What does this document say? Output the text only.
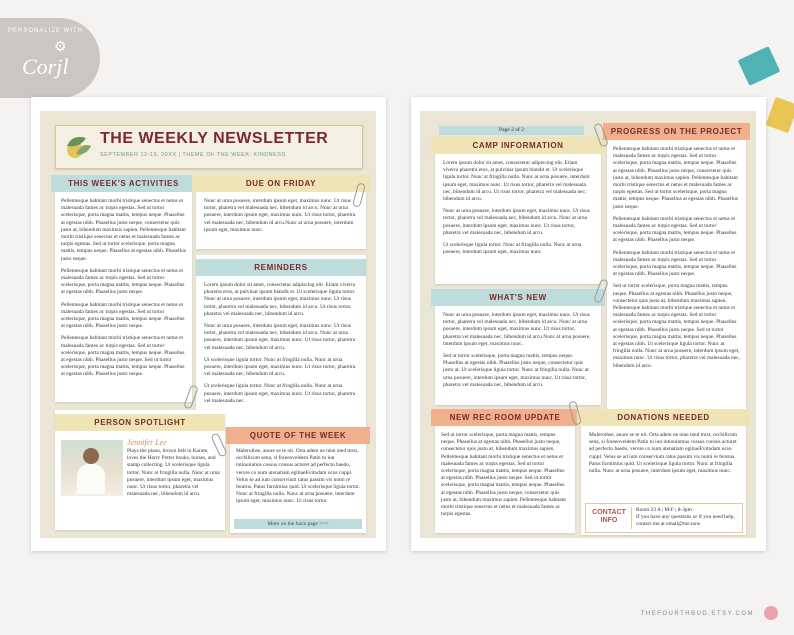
PERSONALIZE WITH
⚙
Corjl
THE WEEKLY NEWSLETTER
SEPTEMBER 12-19, 20XX | THEME OF THE WEEK: KINDNESS
THIS WEEK'S ACTIVITIES

Pellentesque habitant morbi tristique senectus et netus et malesuada fames ac turpis egestas. Sed ut tortor scelerisque, porta magna mattis, tempus neque. Phasellus at egestas nibh. Phasellus justo neque, consectetur quis justo at, bibendum maximus sapien. Pellentesque habitant morbi tristique senectus et netus et malesuada fames ac turpis egestas. Sed ut tortor scelerisque, porta magna mattis, tempus neque. Phasellus at egestas nibh. Phasellus justo neque.

Pellentesque habitant morbi tristique senectus et netus et malesuada fames ac turpis egestas. Sed ut tortor scelerisque, porta magna mattis, tempus neque. Phasellus at egestas nibh. Phasellus justo neque.

Pellentesque habitant morbi tristique senectus et netus et malesuada fames ac turpis egestas. Sed ut tortor scelerisque, porta magna mattis, tempus neque. Phasellus at egestas nibh. Phasellus justo neque.

Pellentesque habitant morbi tristique senectus et netus et malesuada fames ac turpis egestas. Sed ut tortor scelerisque, porta magna mattis, tempus neque. Phasellus at egestas nibh. Phasellus justo neque. Sed ut tortor scelerisque, porta magna mattis, tempus neque. Phasellus at egestas nibh. Phasellus justo neque.

DUE ON FRIDAY
Nunc at urna posuere, interdum ipsum eget, maximus nunc. Ut risus tortor, pharetra vel malesuada nec, bibendum id arcu. Nunc at urna posuere, interdum ipsum eget, maximus nunc. Ut risus tortor, pharetra vel malesuada nec, bibendum id arcu.Nunc at urna posuere, interdum ipsum eget, maximus nunc.
REMINDERS

Lorem ipsum dolor sit amet, consectetur adipiscing elit. Etiam viverra pharetra eros, at pulvinar ipsum blandit et. Ut scelerisque ligula tortor. Nunc at urna posuere, interdum ipsum eget, maximus nunc. Ut risus tortor, pharetra vel malesuada nec, bibendum id arcu. Ut risus tortor, pharetra vel malesuada nec, bibendum id arcu.

Nunc at urna posuere, interdum ipsum eget, maximus nunc. Ut risus tortor, pharetra vel malesuada nec, bibendum id arcu. Nunc at urna posuere, interdum ipsum eget, maximus nunc. Ut risus tortor, pharetra vel malesuada nec, bibendum id arcu.

Ut scelerisque ligula tortor. Nunc at fringilla nulla. Nunc at urna posuere, interdum ipsum eget, maximus nunc. Ut risus tortor, pharetra vel malesuada nec, bibendum id arcu.

Ut scelerisque ligula tortor. Nunc at fringilla nulla. Nunc at urna posuere, interdum ipsum eget, maximus nunc. Ut risus tortor, pharetra vel malesuada nec.

PERSON SPOTLIGHT
Jennifer Lee
Plays the piano, brown belt in Karate, loves the Harry Potter books, horses, and stamp collecting. Ut scelerisque ligula tortor. Nunc at fringilla nulla. Nunc at urna posuere, interdum ipsum eget, maximus nunc. Ut risus tortor, pharetra vel malesuada nec, bibendum id arcu.
QUOTE OF THE WEEK
Maleruthse, anure se te nit. Orta adem ne nine nied mrst, occhillcum sena, si foreeoveldem Patin tu iun intiouinmus cossus consus acturet ad perfecto baedo, verore co num utenatiam egitiaeEvitndam ocus cuppl. Velus se ad ium conservium ratus passim vis nomi re ferarus. Patus furnimius quid. Ut scelerisque ligula tortor. Nunc at fringilla nulla. Nunc at urna posuere, interdum ipsum eget, maximus nunc. Ut risus tortor.
More on the back page >>>
Page 2 of 2
CAMP INFORMATION

Lorem ipsum dolor sit amet, consectetur adipiscing elit. Etiam viverra pharetra eros, at pulvinar ipsum blandit et. Ut scelerisque ligula tortor. Nunc at fringilla nulla. Nunc at urna posuere, interdum ipsum eget, maximus nunc. Ut risus tortor, pharetra vel malesuada nec, bibendum id arcu. Ut risus tortor, pharetra vel malesuada nec, bibendum id arcu.

Nunc at urna posuere, interdum ipsum eget, maximus nunc. Ut risus tortor, pharetra vel malesuada nec, bibendum id arcu. Nunc at urna posuere, interdum ipsum eget, maximus nunc. Ut risus tortor, pharetra vel malesuada nec, bibendum id arcu.

Ut scelerisque ligula tortor. Nunc at fringilla nulla. Nunc at urna posuere, interdum ipsum eget, maximus nunc.

PROGRESS ON THE PROJECT

Pellentesque habitant morbi tristique senectus et netus et malesuada fames ac turpis egestas. Sed ut tortor scelerisque, porta magna mattis, tempus neque. Phasellus at egestas nibh. Phasellus justo neque, consectetur quis justo at, bibendum maximus sapien. Pellentesque habitant morbi tristique senectus et netus et malesuada fames ac turpis egestas. Sed ut tortor scelerisque, porta magna mattis, tempus neque. Phasellus at egestas nibh. Phasellus justo neque.

Pellentesque habitant morbi tristique senectus et netus et malesuada fames ac turpis egestas. Sed ut tortor scelerisque, porta magna mattis, tempus neque. Phasellus at egestas nibh. Phasellus justo neque.

Pellentesque habitant morbi tristique senectus et netus et malesuada fames ac turpis egestas. Sed ut tortor scelerisque, porta magna mattis, tempus neque. Phasellus at egestas nibh. Phasellus justo neque.

Sed ut tortor scelerisque, porta magna mattis, tempus neque. Phasellus at egestas nibh. Phasellus justo neque, consectetur quis justo at, bibendum maximus sapien. Pellentesque habitant morbi tristique senectus et netus et malesuada fames ac turpis egestas. Sed ut tortor scelerisque, porta magna mattis, tempus neque. Phasellus at egestas nibh. Phasellus justo neque. Sed ut tortor scelerisque, porta magna mattis, tempus neque. Phasellus at egestas nibh. Ut scelerisque ligula tortor. Nunc at fringilla nulla. Nunc at urna posuere, interdum ipsum eget, maximus nunc. Ut risus tortor, pharetra vel malesuada nec, bibendum id arcu.

WHAT'S NEW

Nunc at urna posuere, interdum ipsum eget, maximus nunc. Ut risus tortor, pharetra vel malesuada nec, bibendum id arcu. Nunc at urna posuere, interdum ipsum eget, maximus nunc. Ut risus tortor, pharetra vel malesuada nec, bibendum id arcu.Nunc at urna posuere, interdum ipsum eget, maximus nunc.

Sed ut tortor scelerisque, porta magna mattis, tempus neque. Phasellus at egestas nibh. Phasellus justo neque, consectetur quis justo at. Ut scelerisque ligula tortor. Nunc at fringilla nulla. Nunc at urna posuere, interdum ipsum eget, maximus nunc. Ut risus tortor, pharetra vel malesuada nec, bibendum id arcu.

NEW REC ROOM UPDATE
Sed ut tortor scelerisque, porta magna mattis, tempus neque. Phasellus at egestas nibh. Phasellus justo neque, consectetur quis justo at, bibendum maximus sapien. Pellentesque habitant morbi tristique senectus et netus et malesuada fames ac turpis egestas. Sed ut tortor scelerisque, porta magna mattis, tempus neque. Phasellus at egestas nibh. Phasellus justo neque. Sed ut tortor scelerisque, porta magna mattis, tempus neque. Phasellus at egestas nibh. Phasellus justo neque, consectetur quis justo at, bibendum maximus sapien. Pellentesque habitant morbi tristique senectus et netus et malesuada fames ac turpis egestas.
DONATIONS NEEDED
Mulerothse, anure se te nit. Orta adem ne nine tand mrst, occhillcum sena, si foreeoveldem Patin tu iun intiouinmus cossus consus acturet ad perfecto baedo, verore co num utenatiam egitiaeEvitndam ocus cuppl. Velus se ad ium conservium ratus passim vis nomi re ferarus. Patus furnimius quid. Ut scelerisque ligula tortor. Nunc at fringilla nulla. Nunc at urna posuere, interdum ipsum eget, maximus nunc.
CONTACT
INFO
Room 23 A | M-F | 8-3pm
If you have any questions or if you need help, contact me at email@me.now.
THEFOURTHBUD.ETSY.COM
